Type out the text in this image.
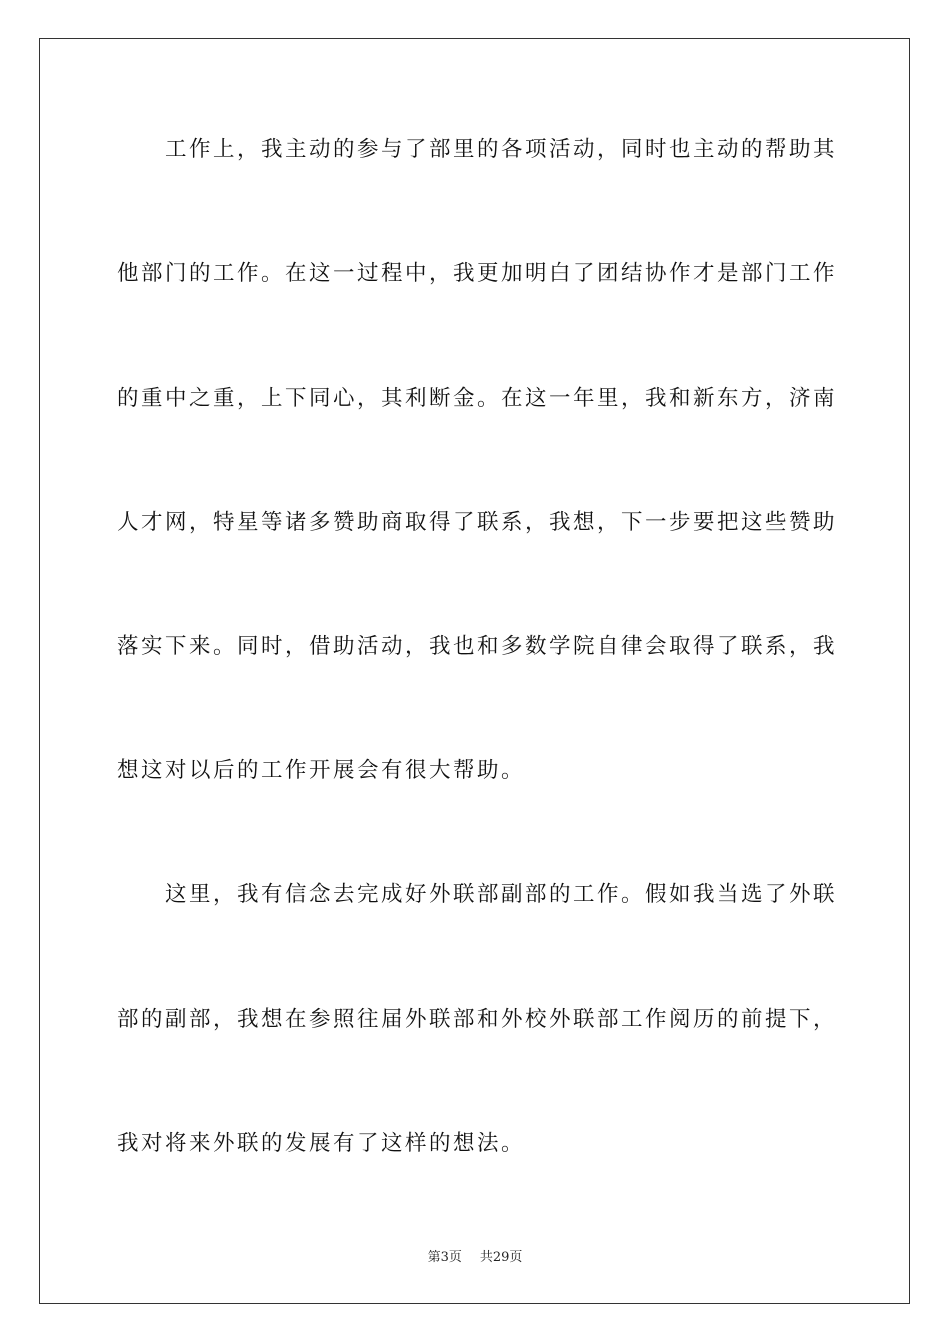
工作上，我主动的参与了部里的各项活动，同时也主动的帮助其

他部门的工作。在这一过程中，我更加明白了团结协作才是部门工作

的重中之重，上下同心，其利断金。在这一年里，我和新东方，济南

人才网，特星等诸多赞助商取得了联系，我想，下一步要把这些赞助

落实下来。同时，借助活动，我也和多数学院自律会取得了联系，我

想这对以后的工作开展会有很大帮助。

这里，我有信念去完成好外联部副部的工作。假如我当选了外联

部的副部，我想在参照往届外联部和外校外联部工作阅历的前提下，

我对将来外联的发展有了这样的想法。

第3页 共29页
